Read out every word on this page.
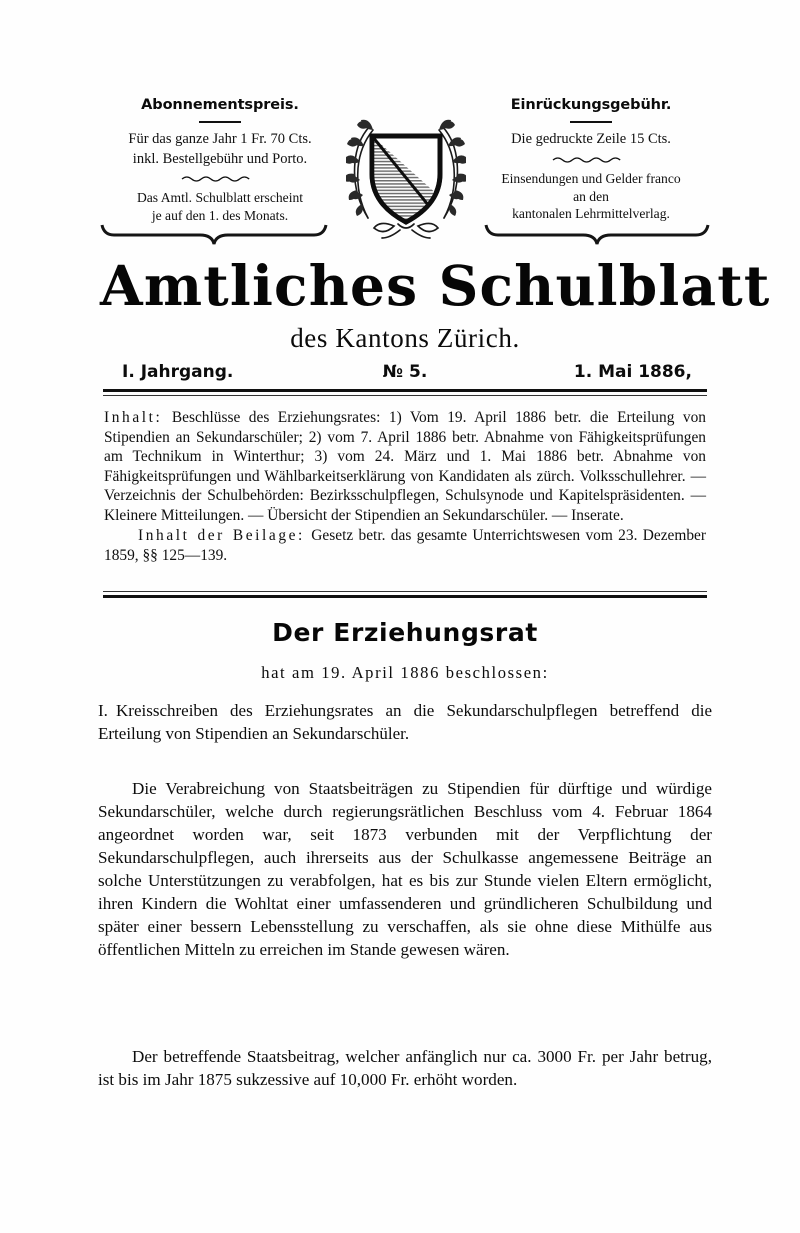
Abonnementspreis.
Für das ganze Jahr 1 Fr. 70 Cts.
inkl. Bestellgebühr und Porto.
Das Amtl. Schulblatt erscheint
je auf den 1. des Monats.
Einrückungsgebühr.
Die gedruckte Zeile 15 Cts.
Einsendungen und Gelder franco
an den
kantonalen Lehrmittelverlag.
Amtliches Schulblatt
des Kantons Zürich.
I. Jahrgang.	№ 5.	1. Mai 1886,

Inhalt: Beschlüsse des Erziehungsrates: 1) Vom 19. April 1886 betr. die Erteilung von Stipendien an Sekundarschüler; 2) vom 7. April 1886 betr. Abnahme von Fähigkeitsprüfungen am Technikum in Winterthur; 3) vom 24. März und 1. Mai 1886 betr. Abnahme von Fähigkeitsprüfungen und Wählbarkeitserklärung von Kandidaten als zürch. Volksschullehrer. — Verzeichnis der Schulbehörden: Bezirksschulpflegen, Schulsynode und Kapitelspräsidenten. — Kleinere Mitteilungen. — Übersicht der Stipendien an Sekundarschüler. — Inserate.

Inhalt der Beilage: Gesetz betr. das gesamte Unterrichtswesen vom 23. Dezember 1859, §§ 125—139.

Der Erziehungsrat
hat am 19. April 1886 beschlossen:
I. Kreisschreiben des Erziehungsrates an die Sekundarschulpflegen betreffend die Erteilung von Stipendien an Sekundarschüler.

Die Verabreichung von Staatsbeiträgen zu Stipendien für dürftige und würdige Sekundarschüler, welche durch regierungsrätlichen Beschluss vom 4. Februar 1864 angeordnet worden war, seit 1873 verbunden mit der Verpflichtung der Sekundarschulpflegen, auch ihrerseits aus der Schulkasse angemessene Beiträge an solche Unterstützungen zu verabfolgen, hat es bis zur Stunde vielen Eltern ermöglicht, ihren Kindern die Wohltat einer umfassenderen und gründlicheren Schulbildung und später einer bessern Lebensstellung zu verschaffen, als sie ohne diese Mithülfe aus öffentlichen Mitteln zu erreichen im Stande gewesen wären.

Der betreffende Staatsbeitrag, welcher anfänglich nur ca. 3000 Fr. per Jahr betrug, ist bis im Jahr 1875 sukzessive auf 10,000 Fr. erhöht worden.
